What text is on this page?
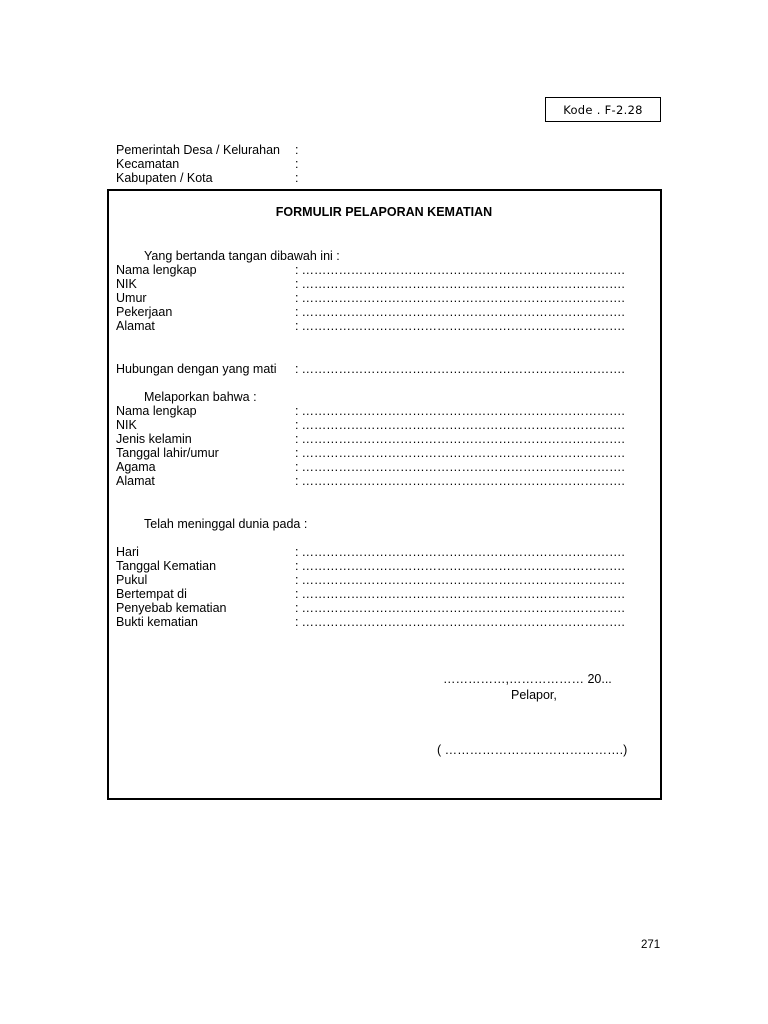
Kode . F-2.28
Pemerintah Desa / Kelurahan :
Kecamatan	:
Kabupaten / Kota	:
FORMULIR PELAPORAN KEMATIAN
Yang bertanda tangan dibawah ini :
Nama lengkap	: …………………………………………………………………….
NIK	: …………………………………………………………………….
Umur	: …………………………………………………………………….
Pekerjaan	: …………………………………………………………………….
Alamat	: …………………………………………………………………….
Hubungan dengan yang mati : …………………………………………………………………….
Melaporkan bahwa :
Nama lengkap	: …………………………………………………………………….
NIK	: …………………………………………………………………….
Jenis kelamin	: …………………………………………………………………….
Tanggal lahir/umur	: …………………………………………………………………….
Agama	: …………………………………………………………………….
Alamat	: …………………………………………………………………….
Telah meninggal dunia pada :
Hari	: …………………………………………………………………….
Tanggal Kematian	: …………………………………………………………………….
Pukul	: …………………………………………………………………….
Bertempat di	: …………………………………………………………………….
Penyebab kematian	: …………………………………………………………………….
Bukti kematian	: …………………………………………………………………….
……………,……………… 20...
Pelapor,
( …………………………………….)
271
